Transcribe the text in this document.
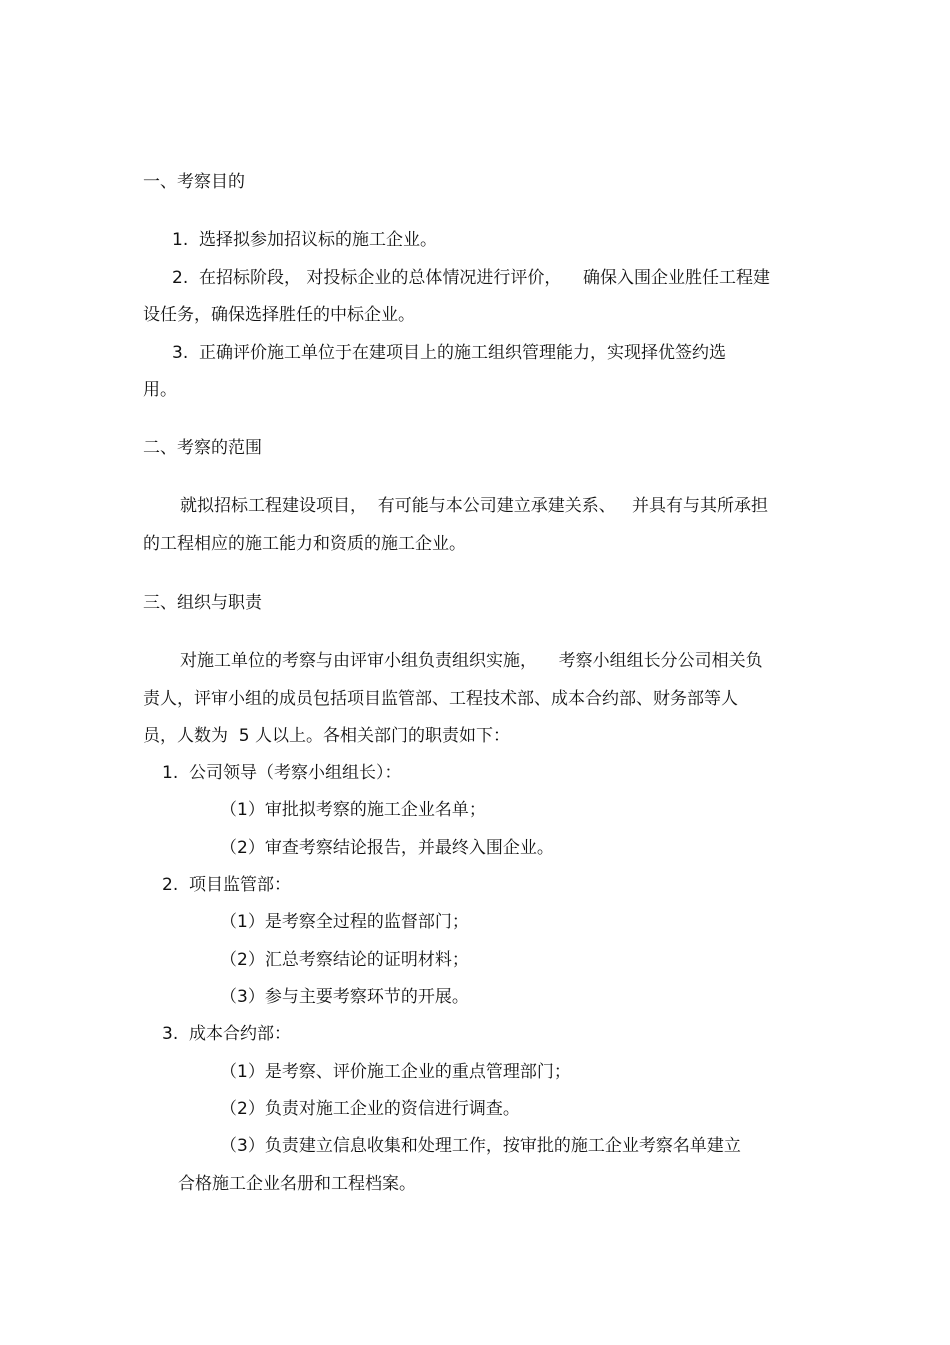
一、考察目的
1.  选择拟参加招议标的施工企业。
2.  在招标阶段， 对投标企业的总体情况进行评价，    确保入围企业胜任工程建
设任务，确保选择胜任的中标企业。
3.  正确评价施工单位于在建项目上的施工组织管理能力，实现择优签约选
用。
二、考察的范围
就拟招标工程建设项目，  有可能与本公司建立承建关系、   并具有与其所承担
的工程相应的施工能力和资质的施工企业。
三、组织与职责
对施工单位的考察与由评审小组负责组织实施，    考察小组组长分公司相关负
责人，评审小组的成员包括项目监管部、工程技术部、成本合约部、财务部等人
员，人数为  5 人以上。各相关部门的职责如下：
1.  公司领导（考察小组组长）：
（1）审批拟考察的施工企业名单；
（2）审查考察结论报告，并最终入围企业。
2.  项目监管部：
（1）是考察全过程的监督部门；
（2）汇总考察结论的证明材料；
（3）参与主要考察环节的开展。
3.  成本合约部：
（1）是考察、评价施工企业的重点管理部门；
（2）负责对施工企业的资信进行调查。
（3）负责建立信息收集和处理工作，按审批的施工企业考察名单建立
合格施工企业名册和工程档案。
